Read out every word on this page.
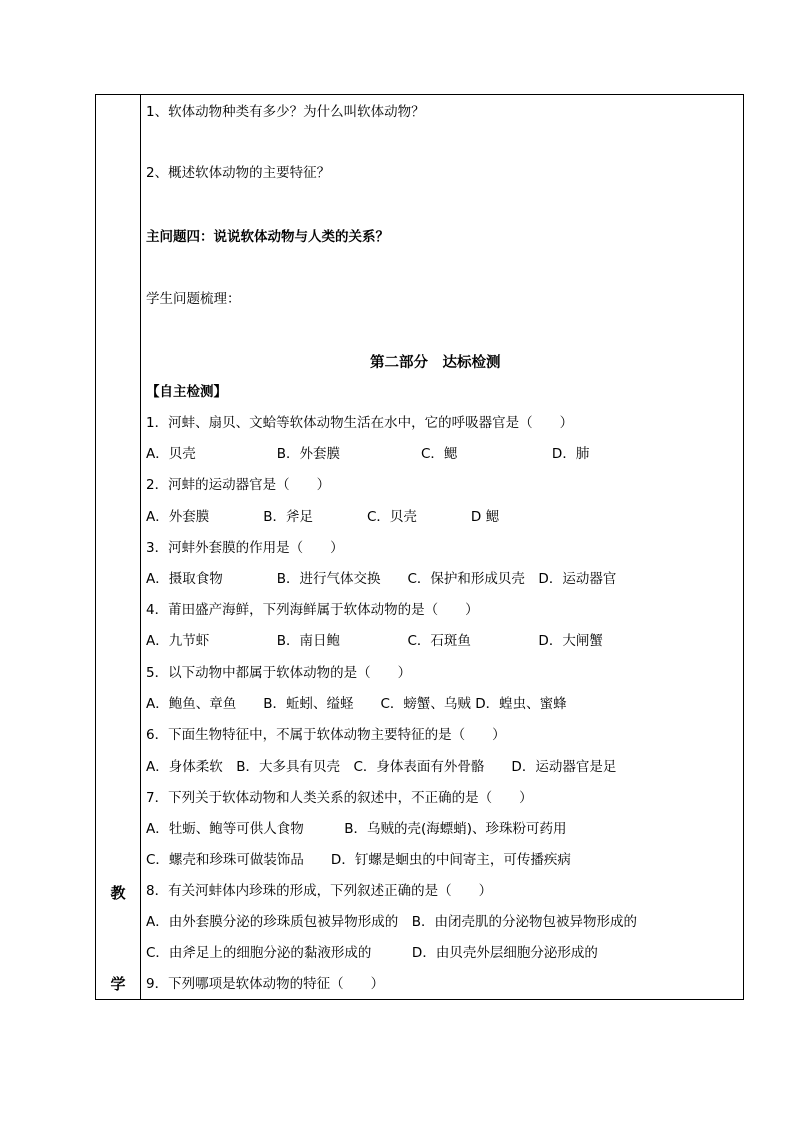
教
学
1、软体动物种类有多少？为什么叫软体动物？
2、概述软体动物的主要特征？
主问题四：说说软体动物与人类的关系？
学生问题梳理：
第二部分　达标检测
【自主检测】
1．河蚌、扇贝、文蛤等软体动物生活在水中，它的呼吸器官是（　　）
A．贝壳　　　　　　B．外套膜　　　　　　C．鳃　　　　　　　D．肺
2．河蚌的运动器官是（　　）
A．外套膜　　　　B．斧足　　　　C．贝壳　　　　D 鳃
3．河蚌外套膜的作用是（　　）
A．摄取食物　　　　B．进行气体交换　　C．保护和形成贝壳　D．运动器官
4．莆田盛产海鲜，下列海鲜属于软体动物的是（　　）
A．九节虾　　　　　B．南日鲍　　　　　C．石斑鱼　　　　　D．大闸蟹
5．以下动物中都属于软体动物的是（　　）
A．鲍鱼、章鱼　　B．蚯蚓、缢蛏　　C．螃蟹、乌贼 D．蝗虫、蜜蜂
6．下面生物特征中，不属于软体动物主要特征的是（　　）
A．身体柔软　B．大多具有贝壳　C．身体表面有外骨骼　　D．运动器官是足
7．下列关于软体动物和人类关系的叙述中，不正确的是（　　）
A．牡蛎、鲍等可供人食物　　　B．乌贼的壳(海螵蛸)、珍珠粉可药用
C．螺壳和珍珠可做装饰品　　D．钉螺是蛔虫的中间寄主，可传播疾病
8．有关河蚌体内珍珠的形成，下列叙述正确的是（　　）
A．由外套膜分泌的珍珠质包被异物形成的　B．由闭壳肌的分泌物包被异物形成的
C．由斧足上的细胞分泌的黏液形成的　　　D．由贝壳外层细胞分泌形成的
9．下列哪项是软体动物的特征（　　）
